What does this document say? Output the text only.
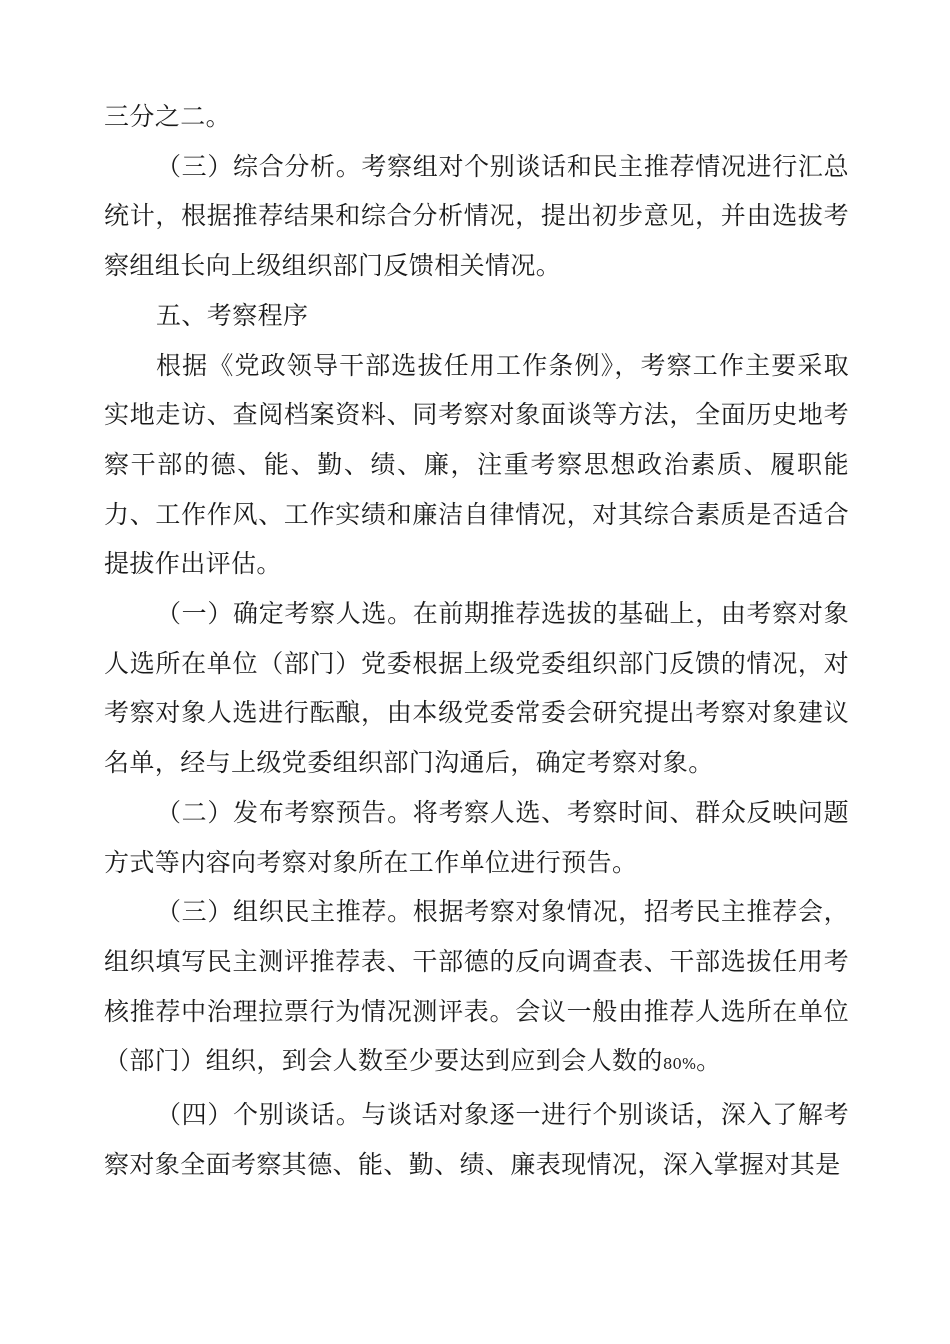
三分之二。

（三）综合分析。考察组对个别谈话和民主推荐情况进行汇总统计，根据推荐结果和综合分析情况，提出初步意见，并由选拔考察组组长向上级组织部门反馈相关情况。

五、考察程序

根据《党政领导干部选拔任用工作条例》，考察工作主要采取实地走访、查阅档案资料、同考察对象面谈等方法，全面历史地考察干部的德、能、勤、绩、廉，注重考察思想政治素质、履职能力、工作作风、工作实绩和廉洁自律情况，对其综合素质是否适合提拔作出评估。

（一）确定考察人选。在前期推荐选拔的基础上，由考察对象人选所在单位（部门）党委根据上级党委组织部门反馈的情况，对考察对象人选进行酝酿，由本级党委常委会研究提出考察对象建议名单，经与上级党委组织部门沟通后，确定考察对象。

（二）发布考察预告。将考察人选、考察时间、群众反映问题方式等内容向考察对象所在工作单位进行预告。

（三）组织民主推荐。根据考察对象情况，招考民主推荐会，组织填写民主测评推荐表、干部德的反向调查表、干部选拔任用考核推荐中治理拉票行为情况测评表。会议一般由推荐人选所在单位（部门）组织，到会人数至少要达到应到会人数的80%。

（四）个别谈话。与谈话对象逐一进行个别谈话，深入了解考察对象全面考察其德、能、勤、绩、廉表现情况，深入掌握对其是
